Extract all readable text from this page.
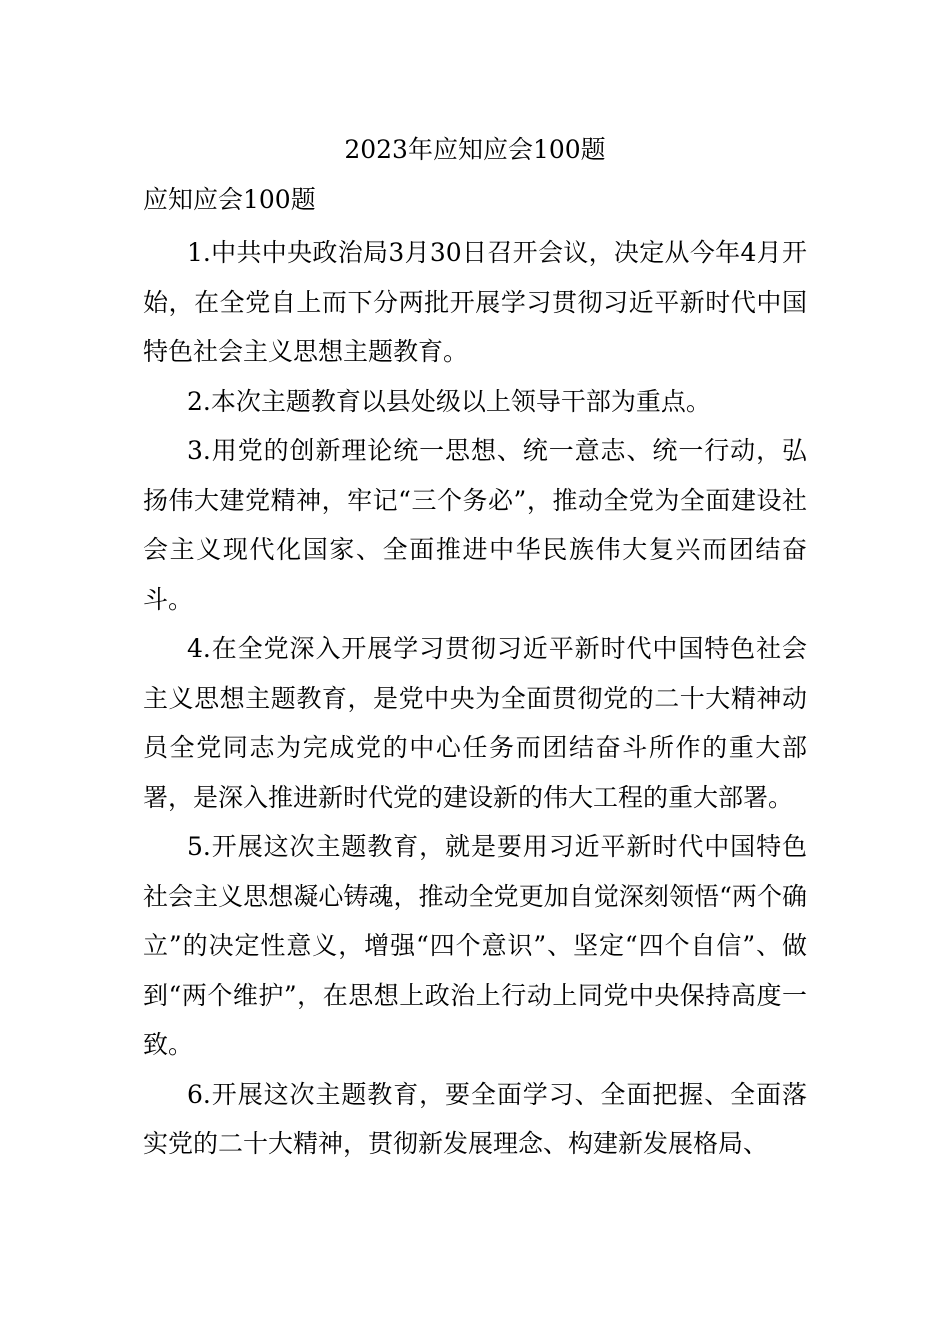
2023年应知应会100题
应知应会100题

1.中共中央政治局3月30日召开会议，决定从今年4月开始，在全党自上而下分两批开展学习贯彻习近平新时代中国特色社会主义思想主题教育。

2.本次主题教育以县处级以上领导干部为重点。

3.用党的创新理论统一思想、统一意志、统一行动，弘扬伟大建党精神，牢记“三个务必”，推动全党为全面建设社会主义现代化国家、全面推进中华民族伟大复兴而团结奋斗。

4.在全党深入开展学习贯彻习近平新时代中国特色社会主义思想主题教育，是党中央为全面贯彻党的二十大精神动员全党同志为完成党的中心任务而团结奋斗所作的重大部署，是深入推进新时代党的建设新的伟大工程的重大部署。

5.开展这次主题教育，就是要用习近平新时代中国特色社会主义思想凝心铸魂，推动全党更加自觉深刻领悟“两个确立”的决定性意义，增强“四个意识”、坚定“四个自信”、做到“两个维护”，在思想上政治上行动上同党中央保持高度一致。

6.开展这次主题教育，要全面学习、全面把握、全面落实党的二十大精神，贯彻新发展理念、构建新发展格局、
